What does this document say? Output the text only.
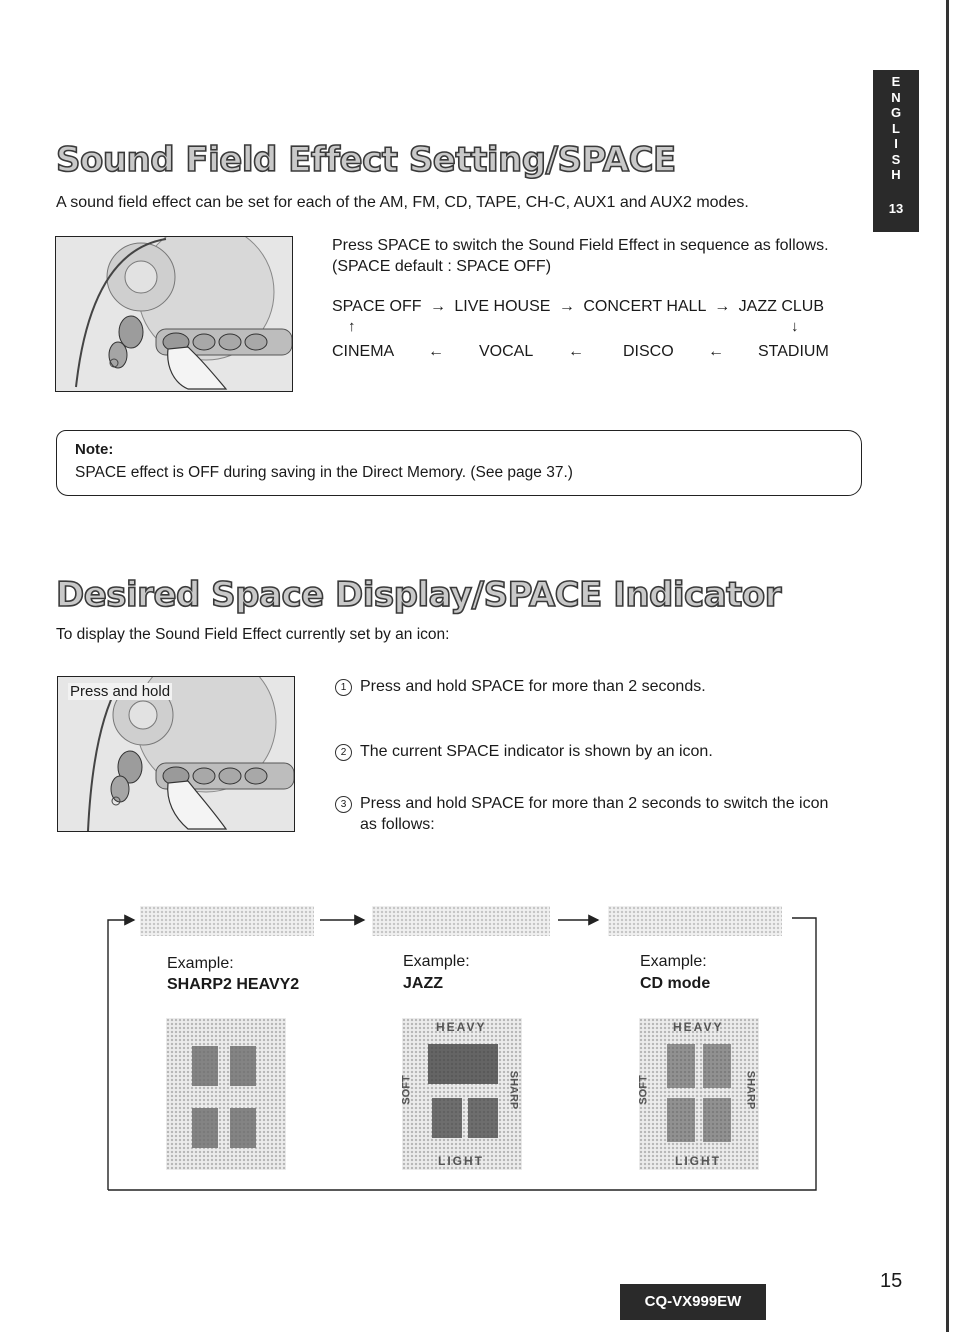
E
N
G
L
I
S
H
13
Sound Field Effect Setting/SPACE
A sound field effect can be set for each of the AM, FM, CD, TAPE, CH-C, AUX1 and AUX2 modes.
Press SPACE to switch the Sound Field Effect in sequence as follows.
(SPACE default : SPACE OFF)
SPACE OFF → LIVE HOUSE → CONCERT HALL → JAZZ CLUB
↑	↓
CINEMA ← VOCAL ← DISCO ← STADIUM
Note:
SPACE effect is OFF during saving in the Direct Memory. (See page 37.)
Desired Space Display/SPACE Indicator
To display the Sound Field Effect currently set by an icon:
Press and hold	1 Press and hold SPACE for more than 2 seconds.
2 The current SPACE indicator is shown by an icon.
3 Press and hold SPACE for more than 2 seconds to switch the icon
as follows:
Example:
SHARP2 HEAVY2
Example:
JAZZ
Example:
CD mode
HEAVY
LIGHT
SOFT	SHARP
HEAVY
LIGHT
SOFT	SHARP
CQ-VX999EW
15
